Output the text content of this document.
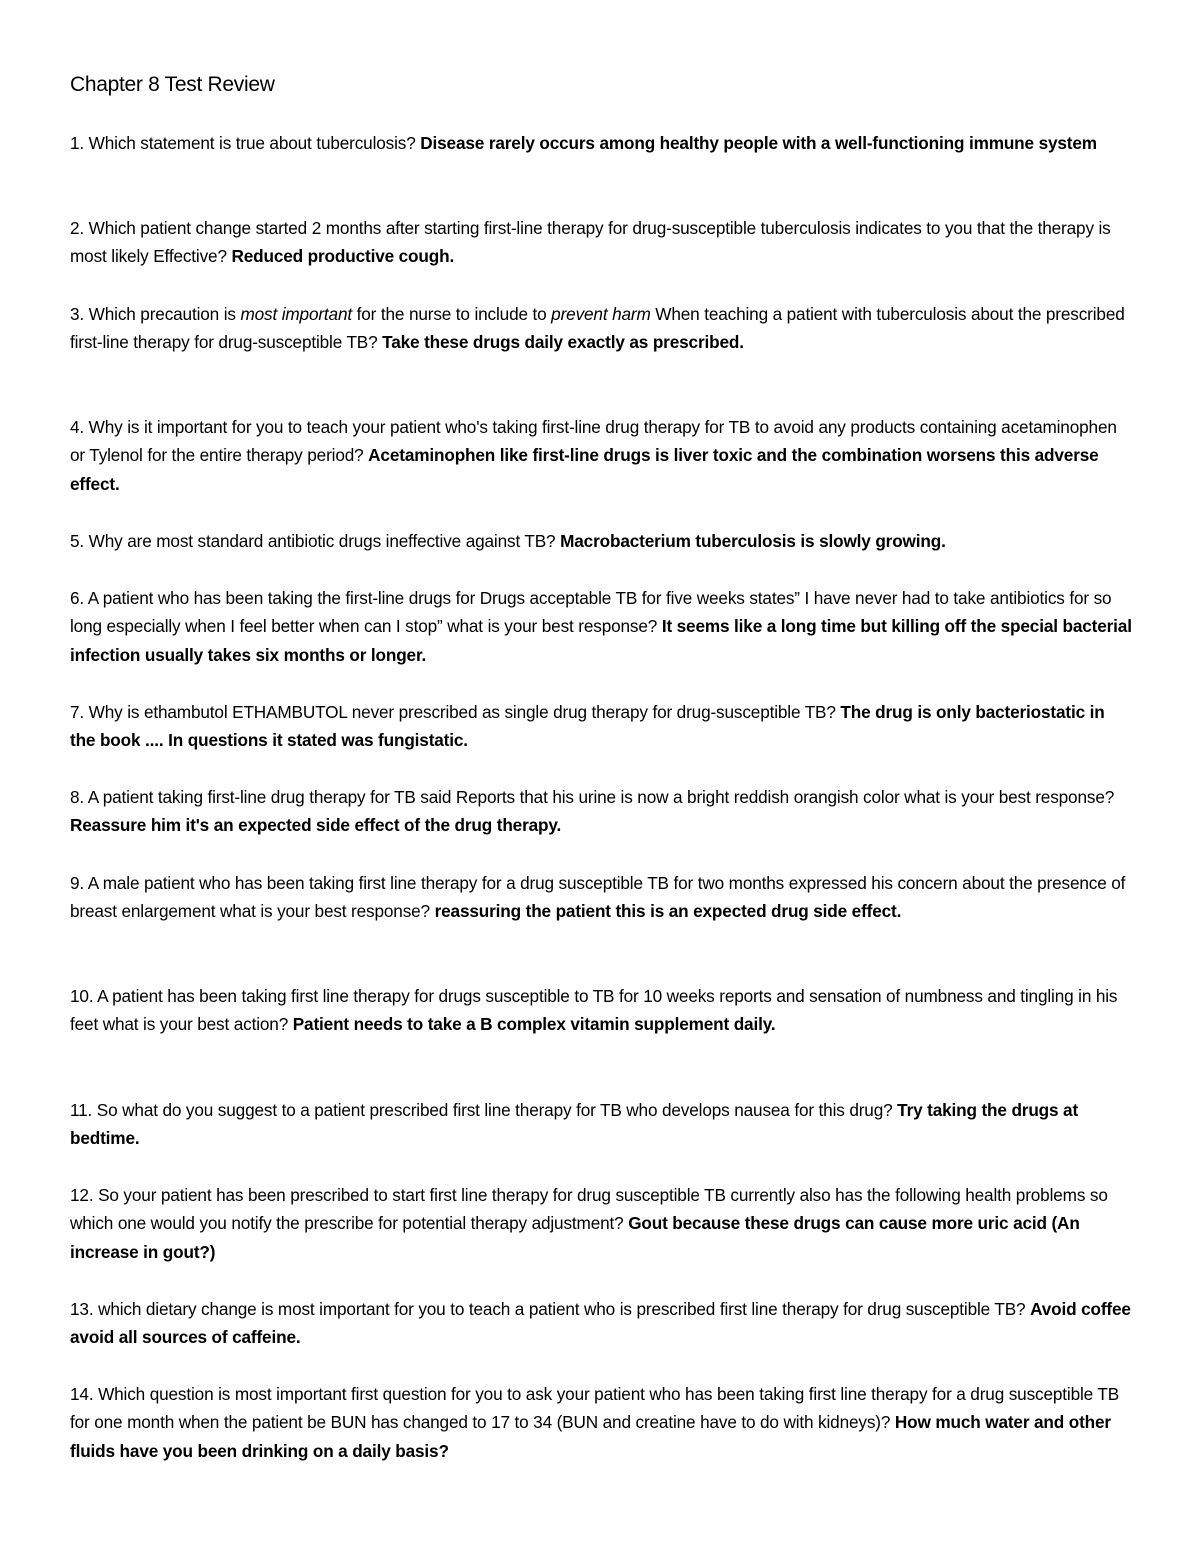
Chapter 8 Test Review

1. Which statement is true about tuberculosis? Disease rarely occurs among healthy people with a well-functioning immune system

2. Which patient change started 2 months after starting first-line therapy for drug-susceptible tuberculosis indicates to you that the therapy is most likely Effective? Reduced productive cough.

3. Which precaution is most important for the nurse to include to prevent harm When teaching a patient with tuberculosis about the prescribed first-line therapy for drug-susceptible TB? Take these drugs daily exactly as prescribed.

4. Why is it important for you to teach your patient who's taking first-line drug therapy for TB to avoid any products containing acetaminophen or Tylenol for the entire therapy period? Acetaminophen like first-line drugs is liver toxic and the combination worsens this adverse effect.

5. Why are most standard antibiotic drugs ineffective against TB? Macrobacterium tuberculosis is slowly growing.

6. A patient who has been taking the first-line drugs for Drugs acceptable TB for five weeks states” I have never had to take antibiotics for so long especially when I feel better when can I stop” what is your best response? It seems like a long time but killing off the special bacterial infection usually takes six months or longer.

7. Why is ethambutol ETHAMBUTOL never prescribed as single drug therapy for drug-susceptible TB? The drug is only bacteriostatic in the book .... In questions it stated was fungistatic.

8. A patient taking first-line drug therapy for TB said Reports that his urine is now a bright reddish orangish color what is your best response? Reassure him it's an expected side effect of the drug therapy.

9. A male patient who has been taking first line therapy for a drug susceptible TB for two months expressed his concern about the presence of breast enlargement what is your best response? reassuring the patient this is an expected drug side effect.

10. A patient has been taking first line therapy for drugs susceptible to TB for 10 weeks reports and sensation of numbness and tingling in his feet what is your best action? Patient needs to take a B complex vitamin supplement daily.

11. So what do you suggest to a patient prescribed first line therapy for TB who develops nausea for this drug? Try taking the drugs at bedtime.

12. So your patient has been prescribed to start first line therapy for drug susceptible TB currently also has the following health problems so which one would you notify the prescribe for potential therapy adjustment? Gout because these drugs can cause more uric acid (An increase in gout?)

13. which dietary change is most important for you to teach a patient who is prescribed first line therapy for drug susceptible TB? Avoid coffee avoid all sources of caffeine.

14. Which question is most important first question for you to ask your patient who has been taking first line therapy for a drug susceptible TB for one month when the patient be BUN has changed to 17 to 34 (BUN and creatine have to do with kidneys)? How much water and other fluids have you been drinking on a daily basis?
